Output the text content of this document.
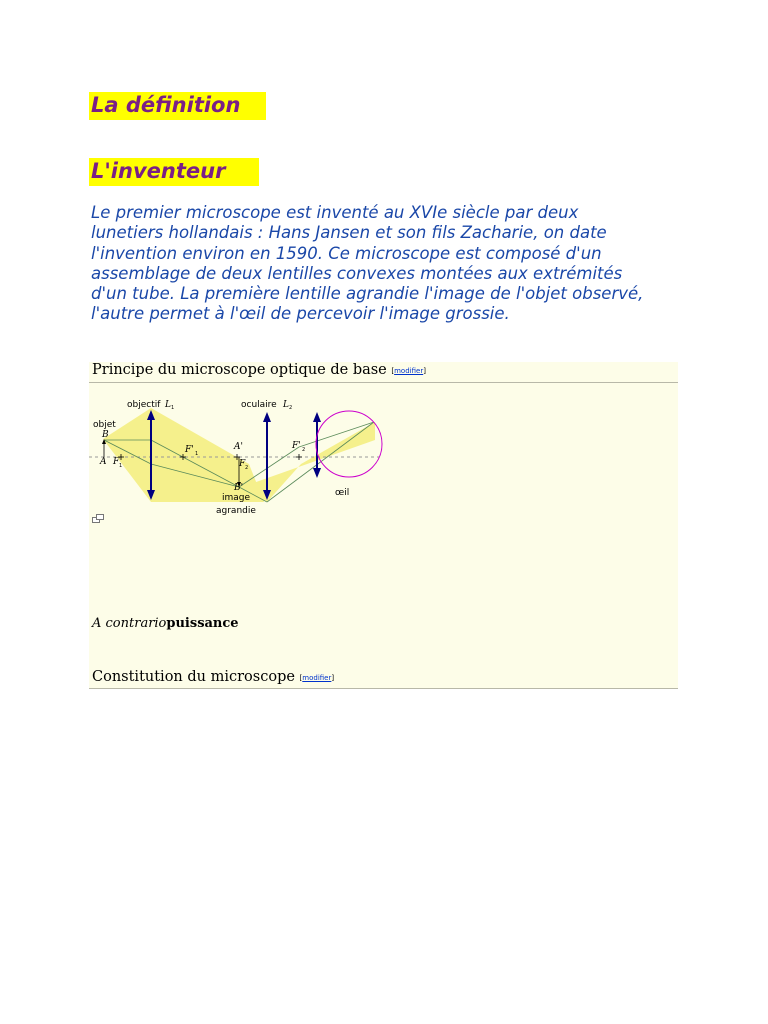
La définition
L'inventeur
Le premier microscope est inventé au XVIe siècle par deux
lunetiers hollandais : Hans Jansen et son fils Zacharie, on date
l'invention environ en 1590. Ce microscope est composé d'un
assemblage de deux lentilles convexes montées aux extrémités
d'un tube. La première lentille agrandie l'image de l'objet observé,
l'autre permet à l'œil de percevoir l'image grossie.
Principe du microscope optique de base [modifier]
objectif L 1	oculaire L 2
objet
B
A F 1
F' 1
A'
F 2
B'
F' 2
image
agrandie
œil
A contrariopuissance
Constitution du microscope [modifier]
